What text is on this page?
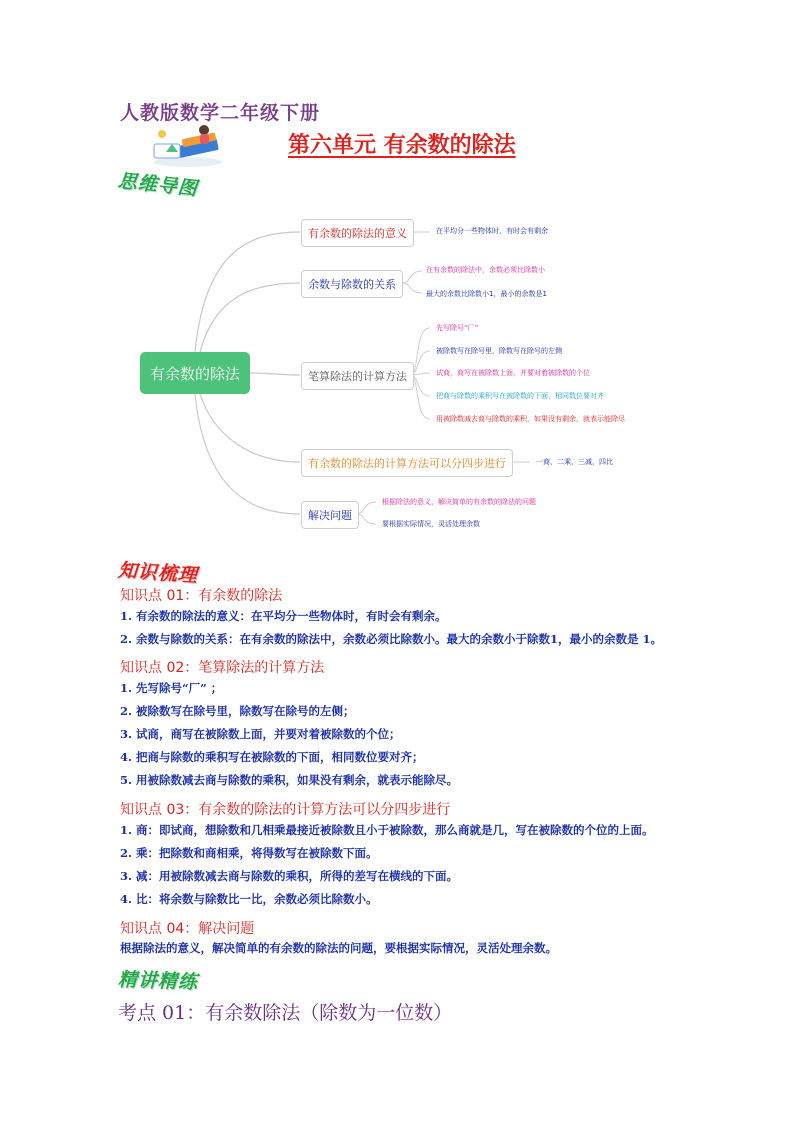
人教版数学二年级下册
第六单元 有余数的除法
思维导图
有余数的除法
有余数的除法的意义
余数与除数的关系
笔算除法的计算方法
有余数的除法的计算方法可以分四步进行
解决问题
在平均分一些物体时，有时会有剩余
在有余数的除法中，余数必须比除数小
最大的余数比除数小1，最小的余数是1
先写除号“厂”
被除数写在除号里，除数写在除号的左侧
试商，商写在被除数上面，并要对着被除数的个位
把商与除数的乘积写在被除数的下面，相同数位要对齐
用被除数减去商与除数的乘积，如果没有剩余，就表示能除尽
一商，二乘，三减，四比
根据除法的意义，解决简单的有余数的除法的问题
要根据实际情况，灵活处理余数
知识梳理
知识点 01：有余数的除法
1. 有余数的除法的意义：在平均分一些物体时，有时会有剩余。
2. 余数与除数的关系：在有余数的除法中，余数必须比除数小。最大的余数小于除数1，最小的余数是 1。
知识点 02：笔算除法的计算方法
1. 先写除号“厂” ；
2. 被除数写在除号里，除数写在除号的左侧；
3. 试商，商写在被除数上面，并要对着被除数的个位；
4. 把商与除数的乘积写在被除数的下面，相同数位要对齐；
5. 用被除数减去商与除数的乘积，如果没有剩余，就表示能除尽。
知识点 03：有余数的除法的计算方法可以分四步进行
1. 商：即试商，想除数和几相乘最接近被除数且小于被除数，那么商就是几，写在被除数的个位的上面。
2. 乘：把除数和商相乘，将得数写在被除数下面。
3. 减：用被除数减去商与除数的乘积，所得的差写在横线的下面。
4. 比：将余数与除数比一比，余数必须比除数小。
知识点 04：解决问题
根据除法的意义，解决简单的有余数的除法的问题，要根据实际情况，灵活处理余数。
精讲精练
考点 01：有余数除法（除数为一位数）
